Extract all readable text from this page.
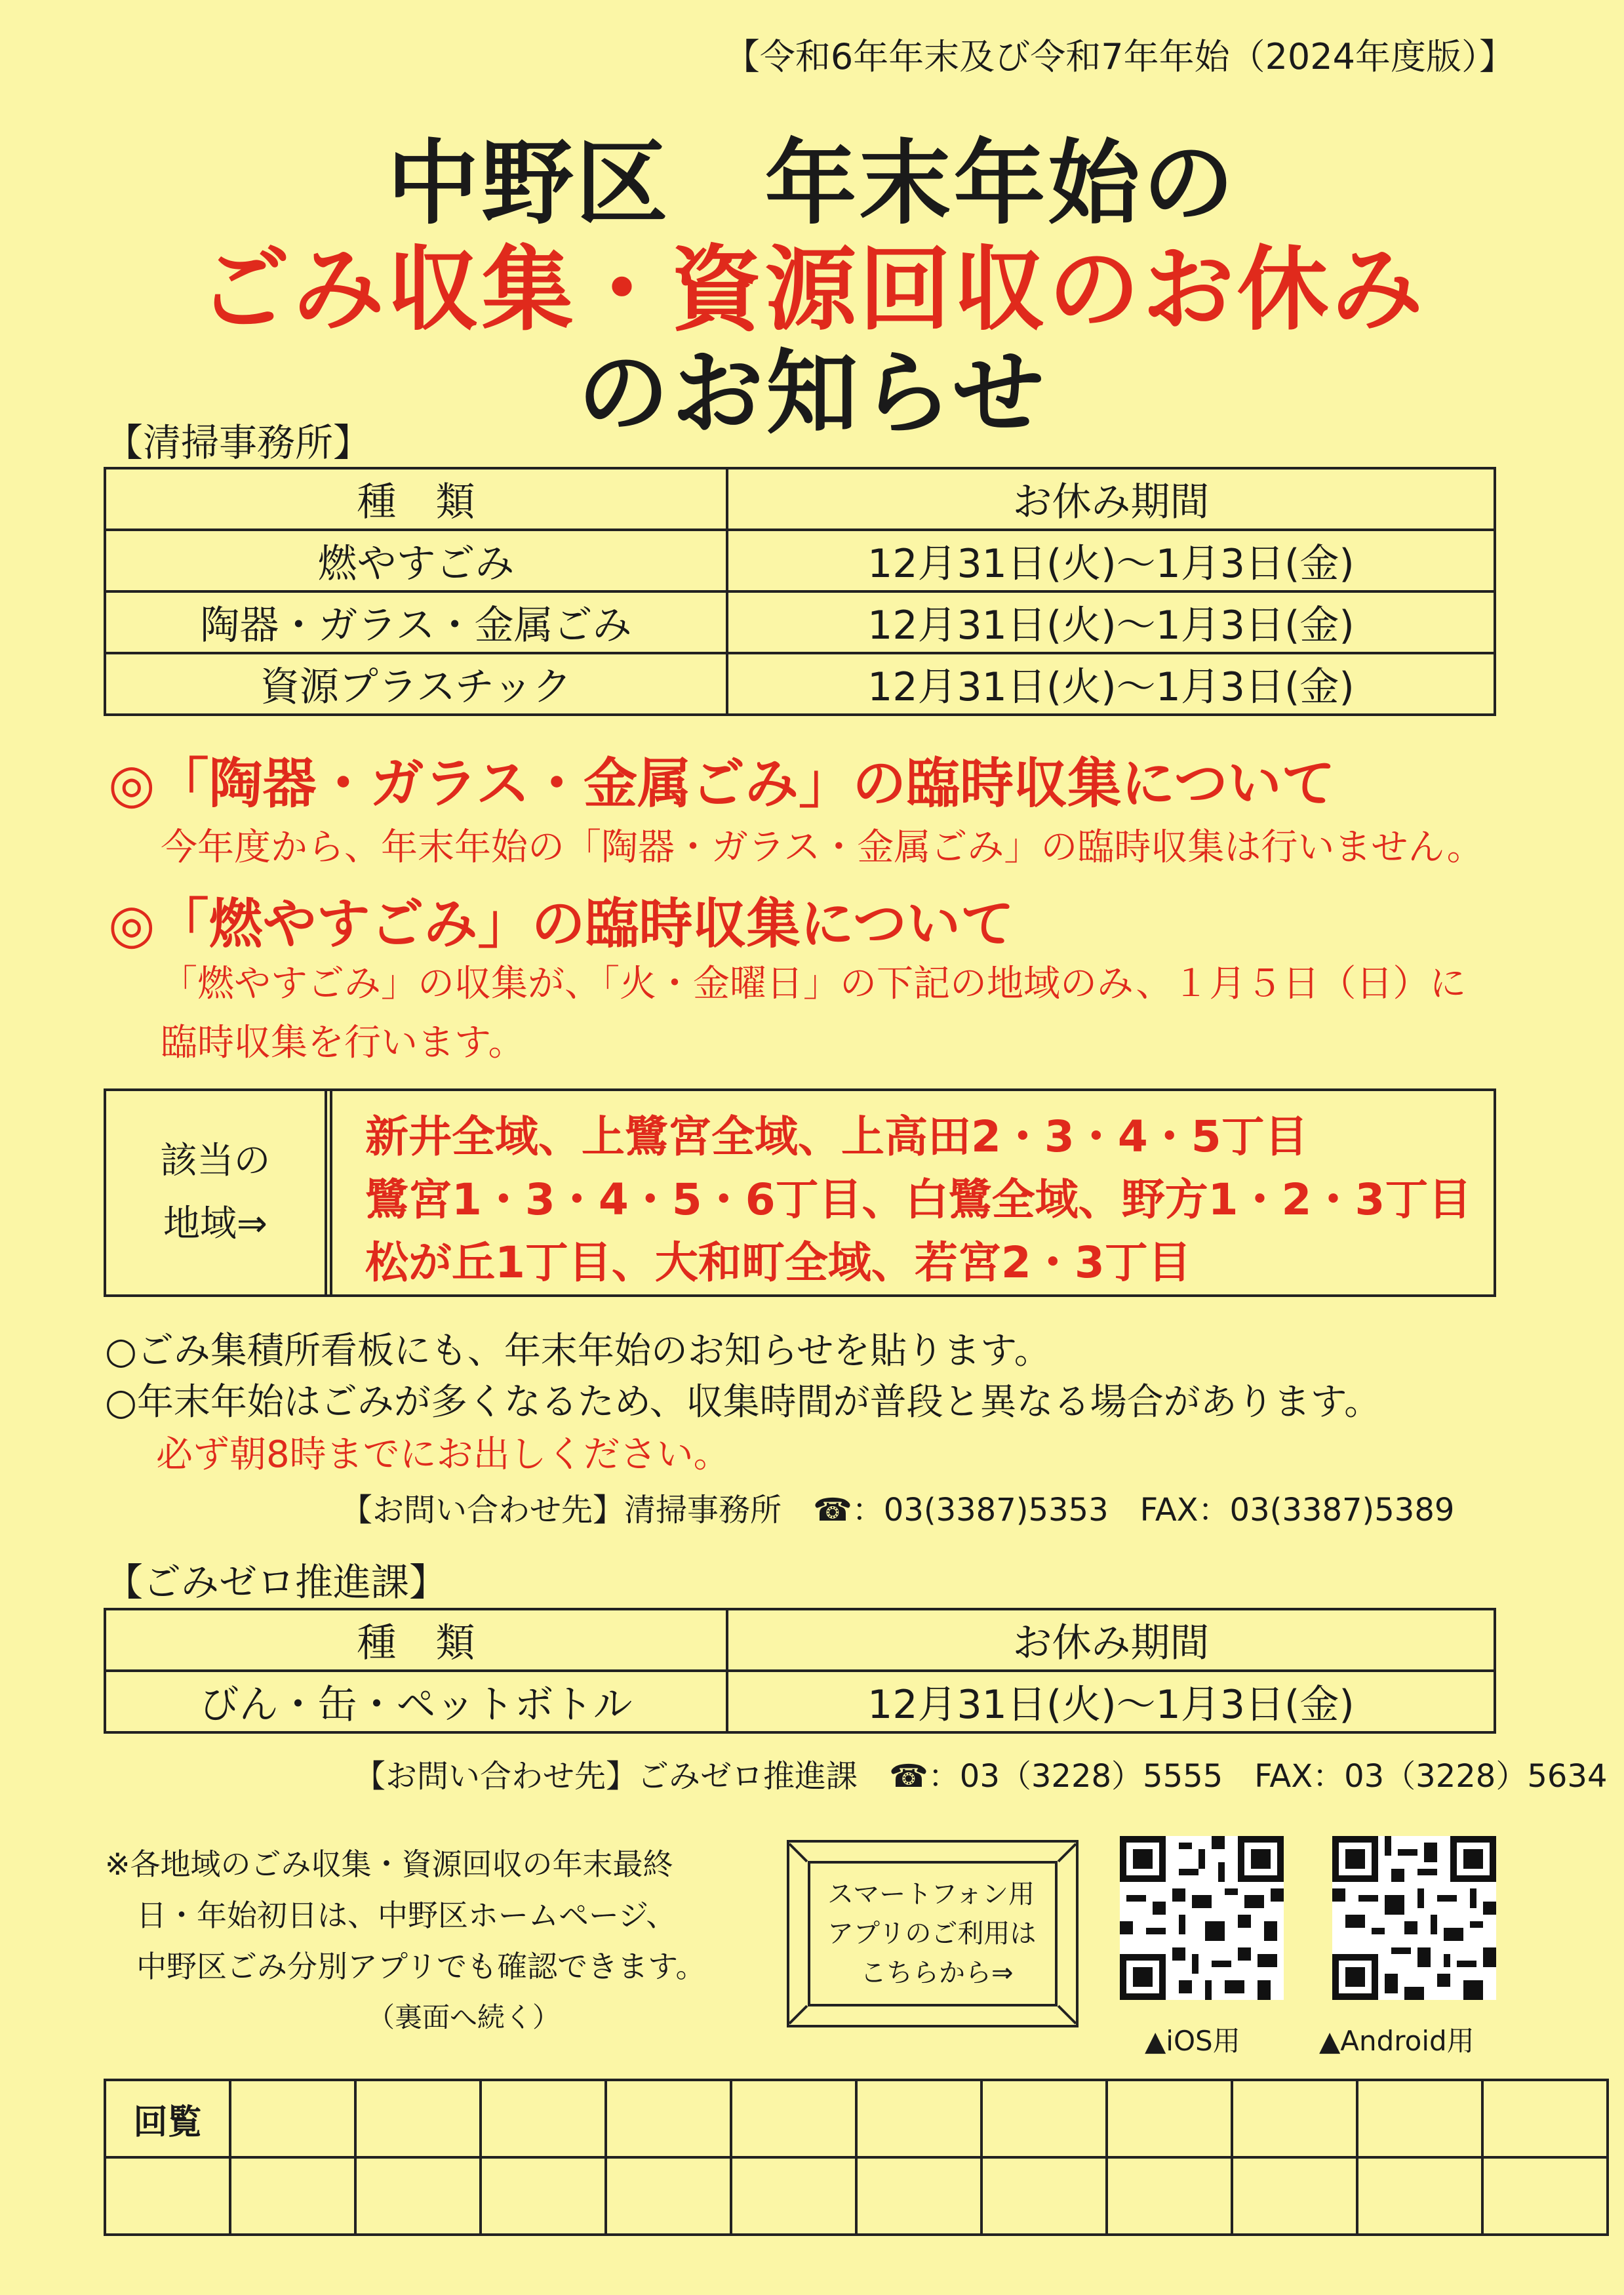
【令和6年年末及び令和7年年始（2024年度版）】
中野区　年末年始の
ごみ収集・資源回収のお休み
のお知らせ
【清掃事務所】
種　類	お休み期間
燃やすごみ	12月31日(火)〜1月3日(金)
陶器・ガラス・金属ごみ	12月31日(火)〜1月3日(金)
資源プラスチック	12月31日(火)〜1月3日(金)
◎「陶器・ガラス・金属ごみ」の臨時収集について
今年度から、年末年始の「陶器・ガラス・金属ごみ」の臨時収集は行いません。
◎「燃やすごみ」の臨時収集について
「燃やすごみ」の収集が、「火・金曜日」の下記の地域のみ、１月５日（日）に
臨時収集を行います。
該当の
地域⇒
新井全域、上鷺宮全域、上高田2・3・4・5丁目
鷺宮1・3・4・5・6丁目、白鷺全域、野方1・2・3丁目
松が丘1丁目、大和町全域、若宮2・3丁目
○ごみ集積所看板にも、年末年始のお知らせを貼ります。
○年末年始はごみが多くなるため、収集時間が普段と異なる場合があります。
必ず朝8時までにお出しください。
【お問い合わせ先】清掃事務所　☎：03(3387)5353　FAX：03(3387)5389
【ごみゼロ推進課】
種　類	お休み期間
びん・缶・ペットボトル	12月31日(火)〜1月3日(金)
【お問い合わせ先】ごみゼロ推進課　☎：03（3228）5555　FAX：03（3228）5634
※各地域のごみ収集・資源回収の年末最終
日・年始初日は、中野区ホームページ、
中野区ごみ分別アプリでも確認できます。
（裏面へ続く）
スマートフォン用
アプリのご利用は
こちらから⇒
▲iOS用	▲Android用
回覧											
